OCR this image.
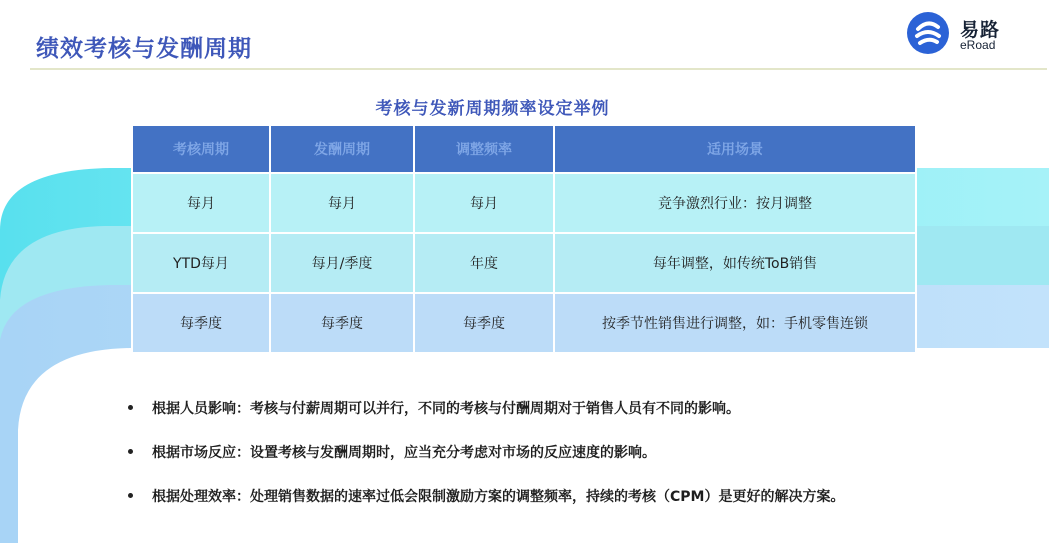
绩效考核与发酬周期
易路
eRoad
考核与发新周期频率设定举例
考核周期	发酬周期	调整频率	适用场景
每月	每月	每月	竞争激烈行业：按月调整
YTD每月	每月/季度	年度	每年调整，如传统ToB销售
每季度	每季度	每季度	按季节性销售进行调整，如：手机零售连锁
根据人员影响：考核与付薪周期可以并行，不同的考核与付酬周期对于销售人员有不同的影响。
根据市场反应：设置考核与发酬周期时，应当充分考虑对市场的反应速度的影响。
根据处理效率：处理销售数据的速率过低会限制激励方案的调整频率，持续的考核（CPM）是更好的解决方案。
